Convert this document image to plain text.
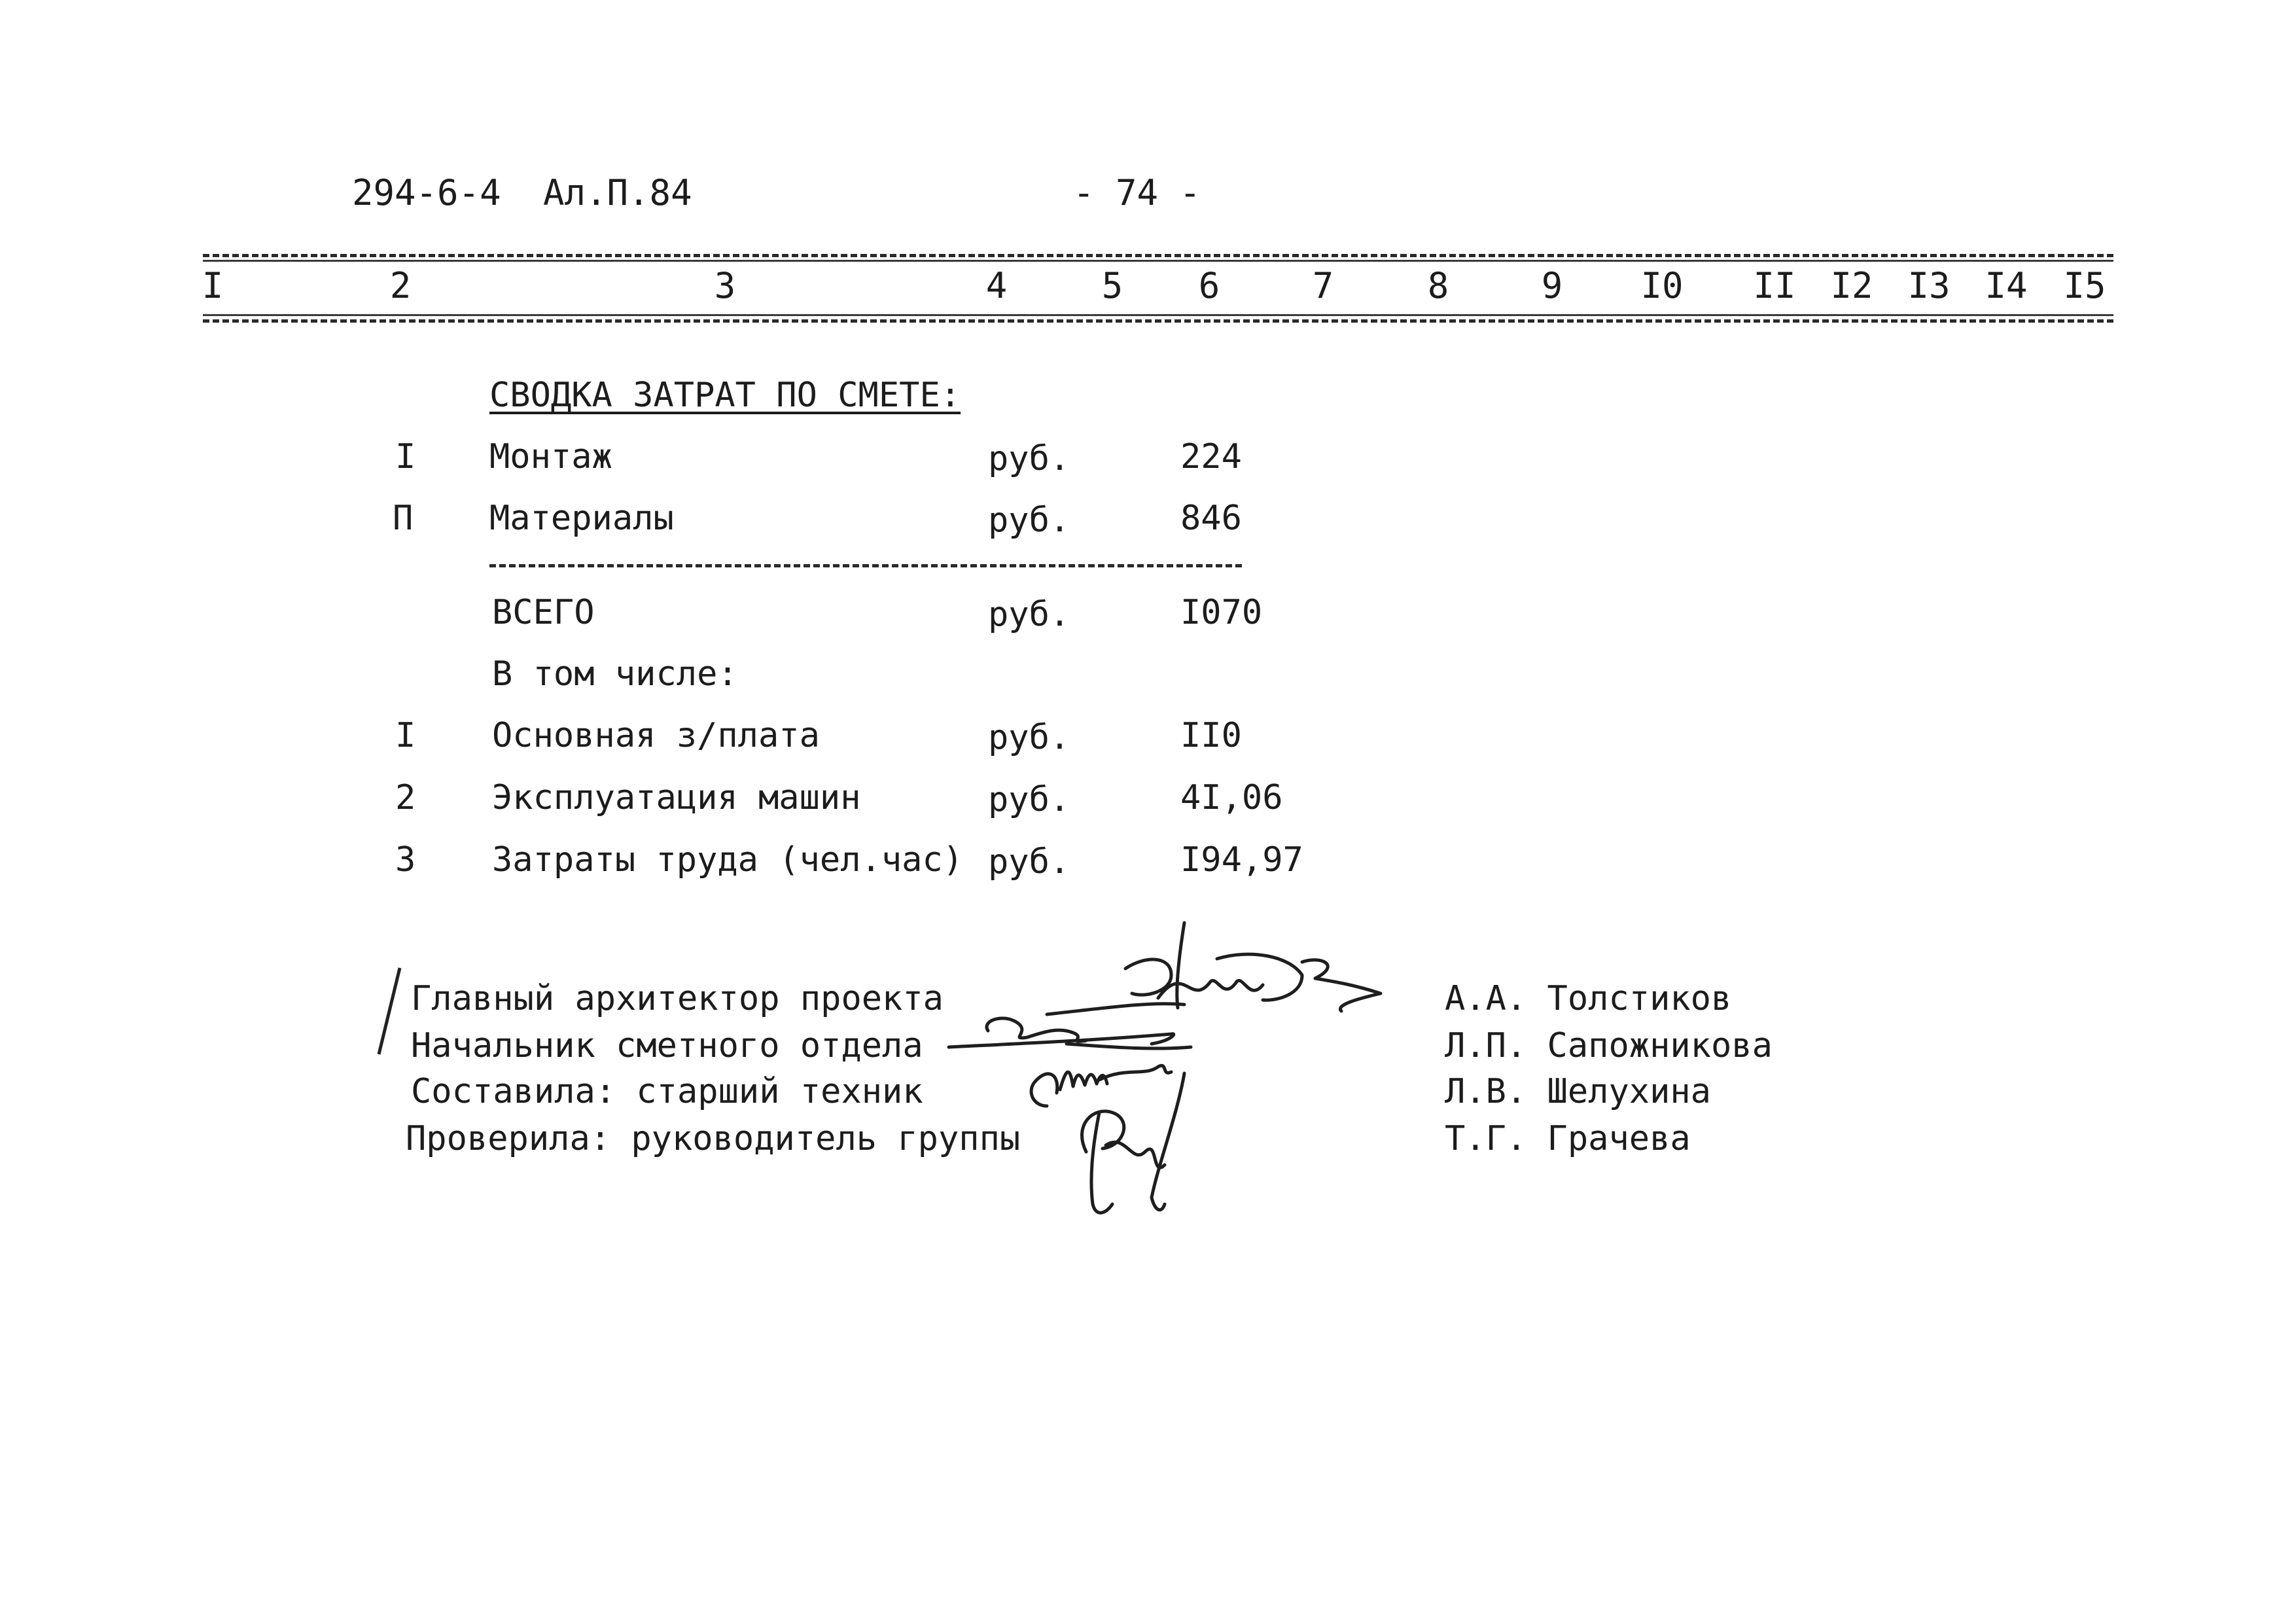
294-6-4 Ал.П.84	- 74 -
I	2	3	4	5 6	7	8	9 I0 II I2 I3 I4 I5
СВОДКА ЗАТРАТ ПО СМЕТЕ:
I Монтаж	руб.	224
П Материалы	руб.	846
ВСЕГО	руб.	I070
В том числе:
I Основная з/плата	руб.	II0
2 Эксплуатация машин	руб.	4I,06
3 Затраты труда (чел.час) руб.	I94,97
Главный архитектор проекта	А.А. Толстиков
Начальник сметного отдела	Л.П. Сапожникова
Составила: старший техник	Л.В. Шелухина
Проверила: руководитель группы	Т.Г. Грачева
